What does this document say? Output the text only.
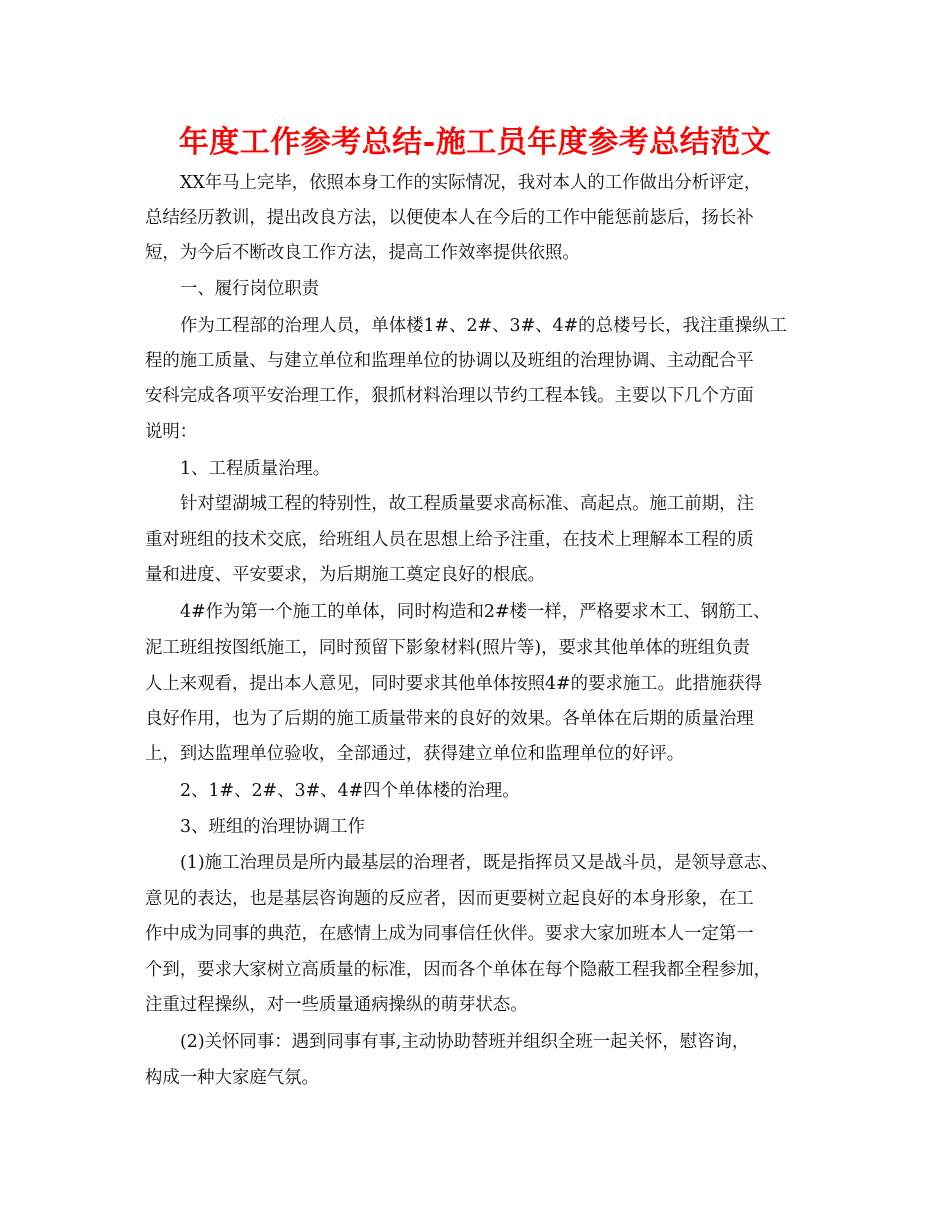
年度工作参考总结-施工员年度参考总结范文
XX年马上完毕，依照本身工作的实际情况，我对本人的工作做出分析评定，
总结经历教训，提出改良方法，以便使本人在今后的工作中能惩前毖后，扬长补
短，为今后不断改良工作方法，提高工作效率提供依照。
一、履行岗位职责
作为工程部的治理人员，单体楼1#、2#、3#、4#的总楼号长，我注重操纵工
程的施工质量、与建立单位和监理单位的协调以及班组的治理协调、主动配合平
安科完成各项平安治理工作，狠抓材料治理以节约工程本钱。主要以下几个方面
说明：
1、工程质量治理。
针对望湖城工程的特别性，故工程质量要求高标准、高起点。施工前期，注
重对班组的技术交底，给班组人员在思想上给予注重，在技术上理解本工程的质
量和进度、平安要求，为后期施工奠定良好的根底。
4#作为第一个施工的单体，同时构造和2#楼一样，严格要求木工、钢筋工、
泥工班组按图纸施工，同时预留下影象材料(照片等)，要求其他单体的班组负责
人上来观看，提出本人意见，同时要求其他单体按照4#的要求施工。此措施获得
良好作用，也为了后期的施工质量带来的良好的效果。各单体在后期的质量治理
上，到达监理单位验收，全部通过，获得建立单位和监理单位的好评。
2、1#、2#、3#、4#四个单体楼的治理。
3、班组的治理协调工作
(1)施工治理员是所内最基层的治理者，既是指挥员又是战斗员，是领导意志、
意见的表达，也是基层咨询题的反应者，因而更要树立起良好的本身形象，在工
作中成为同事的典范，在感情上成为同事信任伙伴。要求大家加班本人一定第一
个到，要求大家树立高质量的标准，因而各个单体在每个隐蔽工程我都全程参加，
注重过程操纵，对一些质量通病操纵的萌芽状态。
(2)关怀同事：遇到同事有事,主动协助替班并组织全班一起关怀，慰咨询，
构成一种大家庭气氛。
